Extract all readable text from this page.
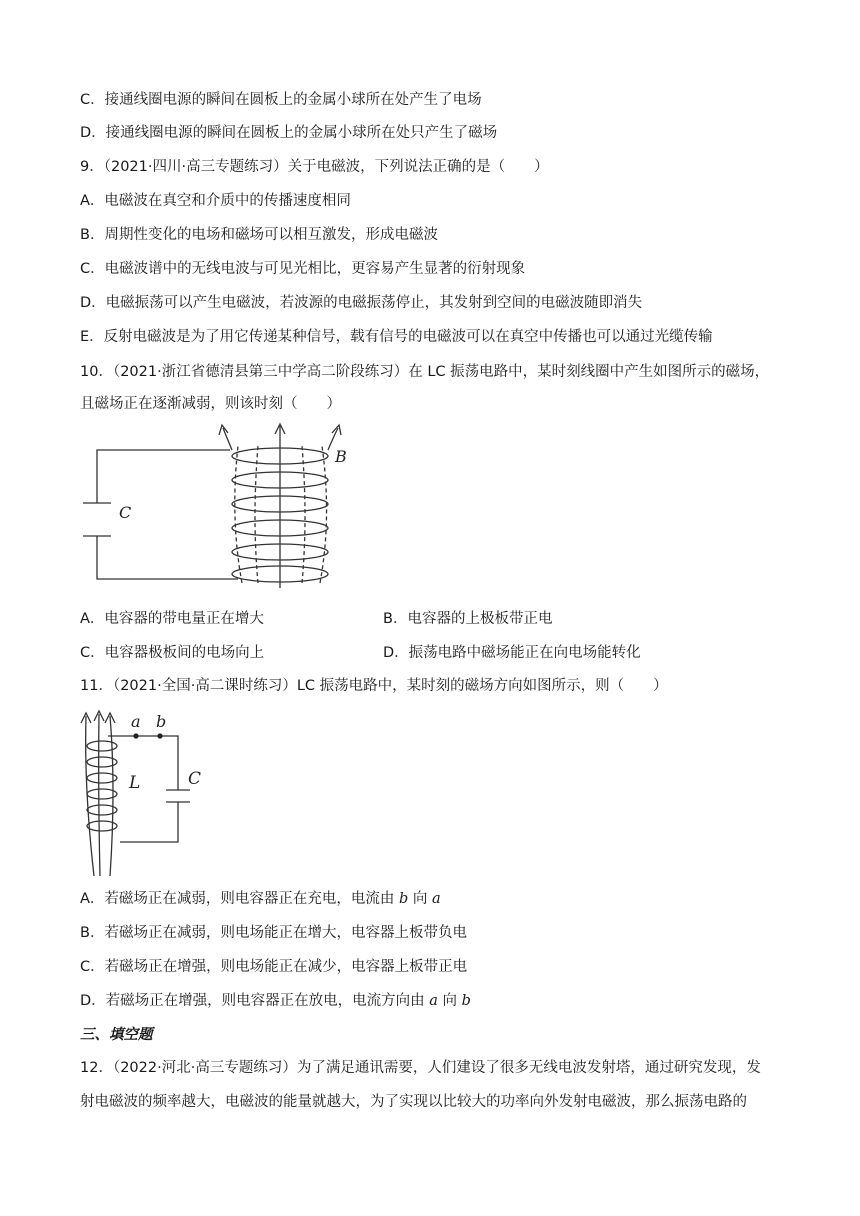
C．接通线圈电源的瞬间在圆板上的金属小球所在处产生了电场
D．接通线圈电源的瞬间在圆板上的金属小球所在处只产生了磁场
9．（2021·四川·高三专题练习）关于电磁波，下列说法正确的是（　　）
A．电磁波在真空和介质中的传播速度相同
B．周期性变化的电场和磁场可以相互激发，形成电磁波
C．电磁波谱中的无线电波与可见光相比，更容易产生显著的衍射现象
D．电磁振荡可以产生电磁波，若波源的电磁振荡停止，其发射到空间的电磁波随即消失
E．反射电磁波是为了用它传递某种信号，载有信号的电磁波可以在真空中传播也可以通过光缆传输
10．（2021·浙江省德清县第三中学高二阶段练习）在 LC 振荡电路中，某时刻线圈中产生如图所示的磁场，
且磁场正在逐渐减弱，则该时刻（　　）
C
B
A．电容器的带电量正在增大	B．电容器的上极板带正电
C．电容器极板间的电场向上	D．振荡电路中磁场能正在向电场能转化
11．（2021·全国·高二课时练习）LC 振荡电路中，某时刻的磁场方向如图所示，则（　　）
a b
L	C
A．若磁场正在减弱，则电容器正在充电，电流由 b 向 a
B．若磁场正在减弱，则电场能正在增大，电容器上板带负电
C．若磁场正在增强，则电场能正在减少，电容器上板带正电
D．若磁场正在增强，则电容器正在放电，电流方向由 a 向 b
三、填空题
12．（2022·河北·高三专题练习）为了满足通讯需要，人们建设了很多无线电波发射塔，通过研究发现，发
射电磁波的频率越大，电磁波的能量就越大，为了实现以比较大的功率向外发射电磁波，那么振荡电路的
